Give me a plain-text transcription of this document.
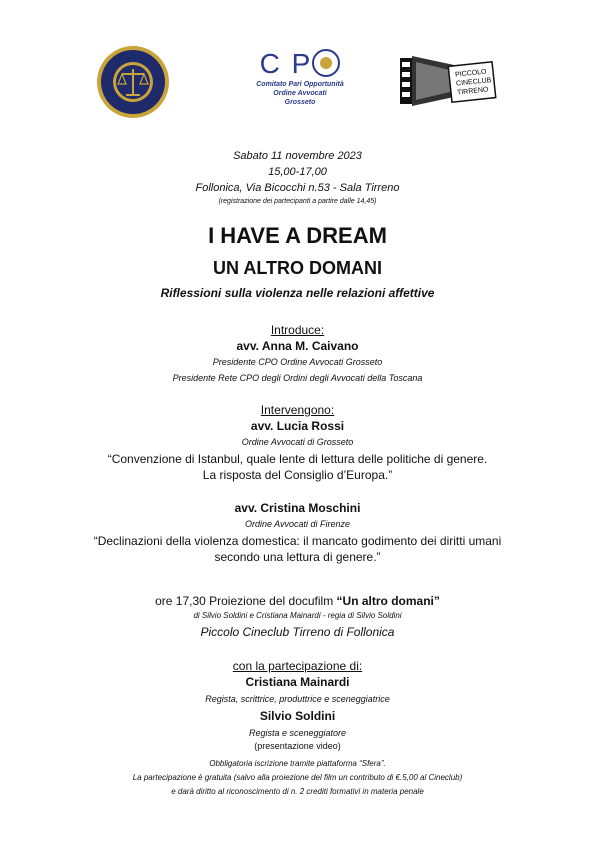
C P
Comitato Pari Opportunità
Ordine Avvocati
Grosseto
PICCOLO
CINECLUB
TIRRENO
Sabato 11 novembre 2023
15,00-17,00
Follonica, Via Bicocchi n.53 - Sala Tirreno
(registrazione dei partecipanti a partire dalle 14,45)
I HAVE A DREAM
UN ALTRO DOMANI
Riflessioni sulla violenza nelle relazioni affettive
Introduce:
avv. Anna M. Caivano
Presidente CPO Ordine Avvocati Grosseto
Presidente Rete CPO degli Ordini degli Avvocati della Toscana
Intervengono:
avv. Lucia Rossi
Ordine Avvocati di Grosseto
“Convenzione di Istanbul, quale lente di lettura delle politiche di genere.
La risposta del Consiglio d’Europa.”
avv. Cristina Moschini
Ordine Avvocati di Firenze
“Declinazioni della violenza domestica: il mancato godimento dei diritti umani
secondo una lettura di genere.”
ore 17,30 Proiezione del docufilm “Un altro domani”
di Silvio Soldini e Cristiana Mainardi - regia di Silvio Soldini
Piccolo Cineclub Tirreno di Follonica
con la partecipazione di:
Cristiana Mainardi
Regista, scrittrice, produttrice e sceneggiatrice
Silvio Soldini
Regista e sceneggiatore
(presentazione video)
Obbligatoria iscrizione tramite piattaforma “Sfera”.
La partecipazione è gratuita (salvo alla proiezione del film un contributo di €.5,00 al Cineclub)
e darà diritto al riconoscimento di n. 2 crediti formativi in materia penale
